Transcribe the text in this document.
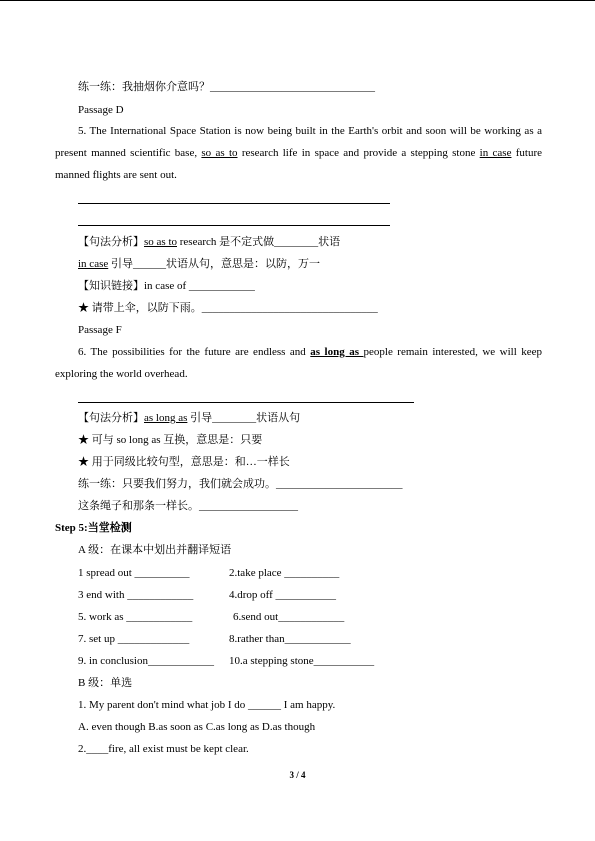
练一练：我抽烟你介意吗？______________________________
Passage D
5. The International Space Station is now being built in the Earth's orbit and soon will be working as a present manned scientific base, so as to research life in space and provide a stepping stone in case future manned flights are sent out.
【句法分析】so as to research 是不定式做________状语
in case 引导______状语从句，意思是：以防，万一
【知识链接】in case of ____________
★ 请带上伞，以防下雨。________________________________
Passage F
6. The possibilities for the future are endless and as long as people remain interested, we will keep exploring the world overhead.
【句法分析】as long as 引导________状语从句
★ 可与 so long as 互换，意思是：只要
★ 用于同级比较句型，意思是：和…一样长
练一练：只要我们努力，我们就会成功。_______________________
这条绳子和那条一样长。__________________
Step 5:当堂检测
A 级：在课本中划出并翻译短语
1 spread out __________	2.take place __________
3 end with ____________	4.drop off ___________
5. work as ____________	6.send out____________
7. set up _____________	8.rather than____________
9. in conclusion____________ 10.a stepping stone___________
B 级：单选
1. My parent don't mind what job I do ______ I am happy.
A. even though B.as soon as C.as long as D.as though
2.____fire, all exist must be kept clear.
3 / 4
